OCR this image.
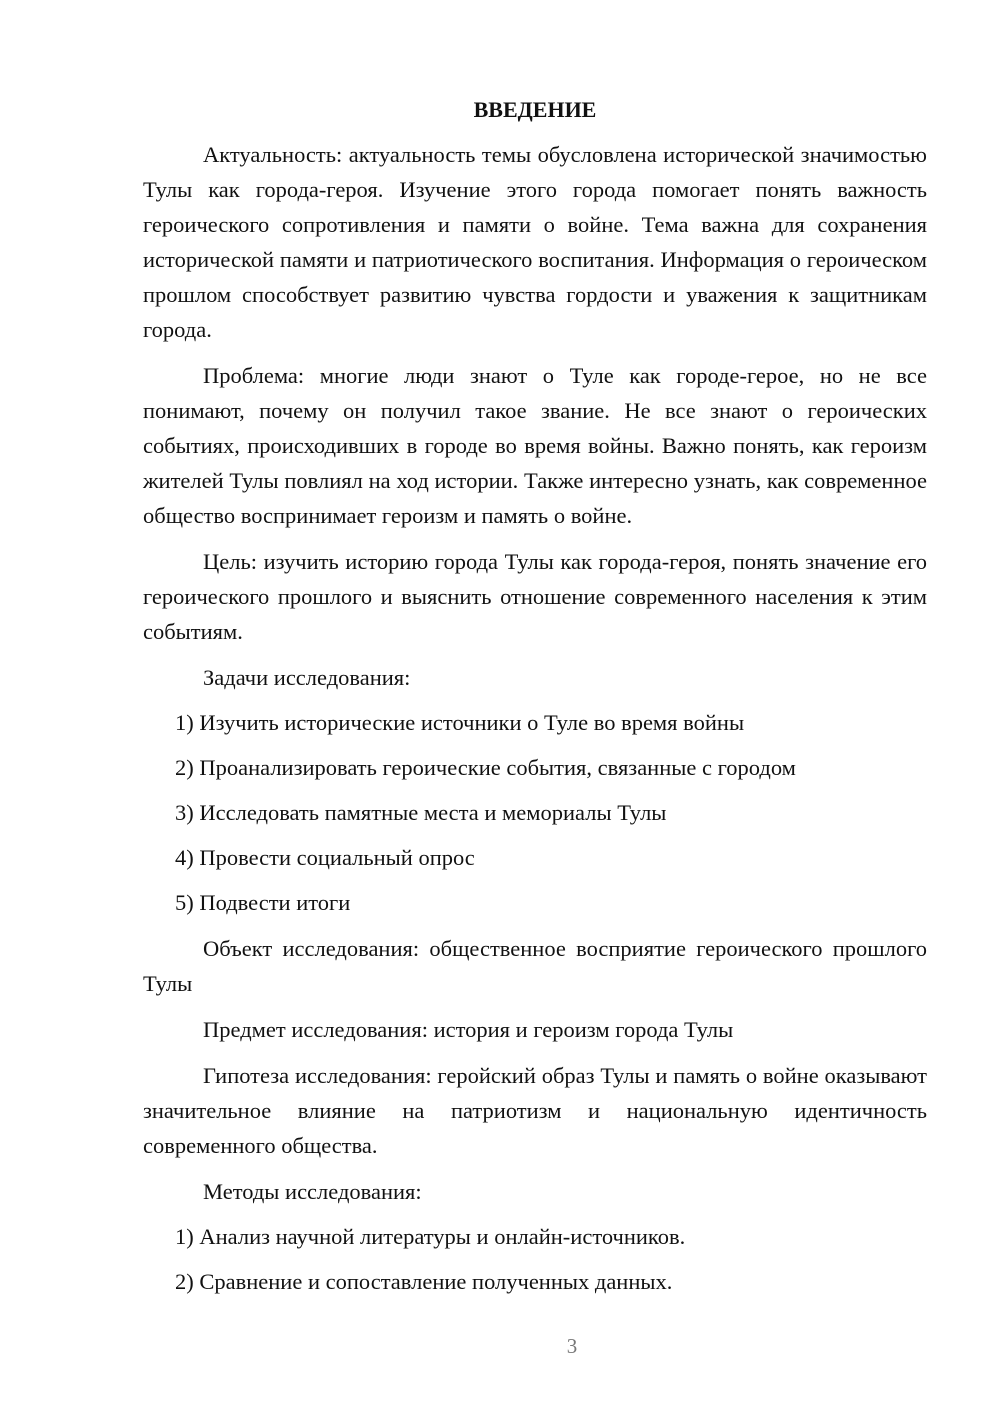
ВВЕДЕНИЕ

Актуальность: актуальность темы обусловлена исторической значимостью Тулы как города-героя. Изучение этого города помогает понять важность героического сопротивления и памяти о войне. Тема важна для сохранения исторической памяти и патриотического воспитания. Информация о героическом прошлом способствует развитию чувства гордости и уважения к защитникам города.

Проблема: многие люди знают о Туле как городе-герое, но не все понимают, почему он получил такое звание. Не все знают о героических событиях, происходивших в городе во время войны. Важно понять, как героизм жителей Тулы повлиял на ход истории. Также интересно узнать, как современное общество воспринимает героизм и память о войне.

Цель: изучить историю города Тулы как города-героя, понять значение его героического прошлого и выяснить отношение современного населения к этим событиям.

Задачи исследования:

1) Изучить исторические источники о Туле во время войны
2) Проанализировать героические события, связанные с городом
3) Исследовать памятные места и мемориалы Тулы
4) Провести социальный опрос
5) Подвести итоги

Объект исследования: общественное восприятие героического прошлого Тулы

Предмет исследования: история и героизм города Тулы

Гипотеза исследования: геройский образ Тулы и память о войне оказывают значительное влияние на патриотизм и национальную идентичность современного общества.

Методы исследования:

1) Анализ научной литературы и онлайн-источников.
2) Сравнение и сопоставление полученных данных.
3
